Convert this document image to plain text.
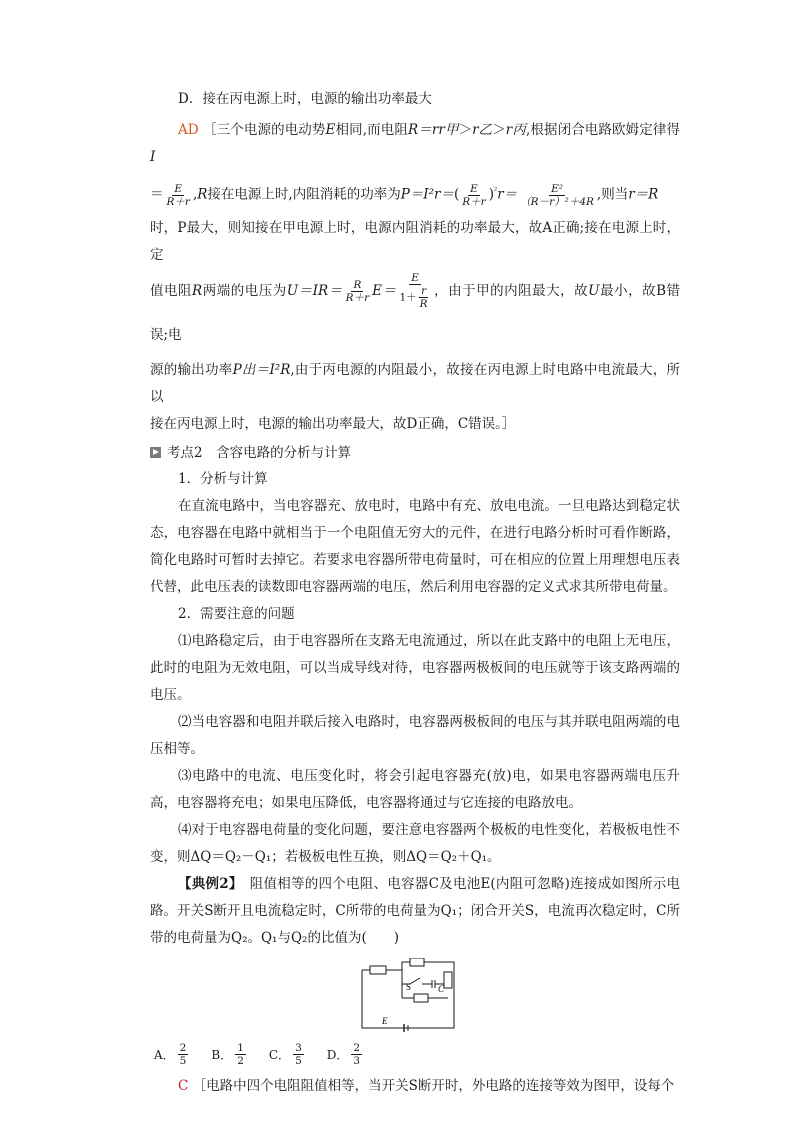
D．接在丙电源上时，电源的输出功率最大

AD ［三个电源的电动势E相同,而电阻R＝rr甲＞r乙＞r丙,根据闭合电路欧姆定律得I

＝ $\frac{E}{R+r} ,R$接在电源上时,内阻消耗的功率为$P=I^2r=( \frac{E}{R+r} )^{^2}r= \frac{\text{E²}}{\text{（R－r）²＋4R}}$ ,则当r＝R

时，P最大，则知接在甲电源上时，电源内阻消耗的功率最大，故A正确;接在电源上时，定

值电阻R两端的电压为$U=IR= \frac{R}{R+r} E= \frac{E}{1+ \frac{r}{R}}$ ，由于甲的内阻最大，故U最小，故B错误;电

源的输出功率P出＝I²R,由于丙电源的内阻最小，故接在丙电源上时电路中电流最大，所以

接在丙电源上时，电源的输出功率最大，故D正确，C错误。］

考点2　含容电路的分析与计算

1．分析与计算

在直流电路中，当电容器充、放电时，电路中有充、放电电流。一旦电路达到稳定状态，电容器在电路中就相当于一个电阻值无穷大的元件，在进行电路分析时可看作断路，简化电路时可暂时去掉它。若要求电容器所带电荷量时，可在相应的位置上用理想电压表代替，此电压表的读数即电容器两端的电压，然后利用电容器的定义式求其所带电荷量。

2．需要注意的问题

⑴电路稳定后，由于电容器所在支路无电流通过，所以在此支路中的电阻上无电压，此时的电阻为无效电阻，可以当成导线对待，电容器两极板间的电压就等于该支路两端的电压。

⑵当电容器和电阻并联后接入电路时，电容器两极板间的电压与其并联电阻两端的电压相等。

⑶电路中的电流、电压变化时，将会引起电容器充(放)电，如果电容器两端电压升高，电容器将充电；如果电压降低，电容器将通过与它连接的电路放电。

⑷对于电容器电荷量的变化问题，要注意电容器两个极板的电性变化，若极板电性不变，则ΔQ＝Q₂－Q₁；若极板电性互换，则ΔQ＝Q₂＋Q₁。

【典例2】　阻值相等的四个电阻、电容器C及电池E(内阻可忽略)连接成如图所示电路。开关S断开且电流稳定时，C所带的电荷量为Q₁；闭合开关S，电流再次稳定时，C所带的电荷量为Q₂。Q₁与Q₂的比值为(　　)

S	C
E
A． $\frac{2}{5}$ B． $\frac{1}{2}$ C． $\frac{3}{5}$ D． $\frac{2}{3}$

C ［电路中四个电阻阻值相等，当开关S断开时，外电路的连接等效为图甲，设每个
